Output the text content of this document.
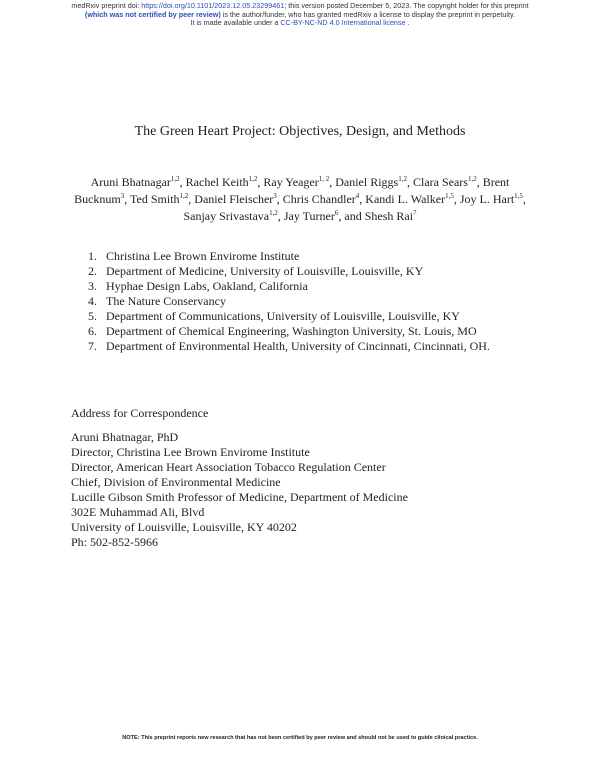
medRxiv preprint doi: https://doi.org/10.1101/2023.12.05.23299461; this version posted December 5, 2023. The copyright holder for this preprint
(which was not certified by peer review) is the author/funder, who has granted medRxiv a license to display the preprint in perpetuity.
It is made available under a CC-BY-NC-ND 4.0 International license .
The Green Heart Project: Objectives, Design, and Methods
Aruni Bhatnagar$^{1,2}$, Rachel Keith$^{1,2}$, Ray Yeager$^{1, 2}$, Daniel Riggs$^{1,2}$, Clara Sears$^{1,2}$, Brent Bucknum$^3$, Ted Smith$^{1,2}$, Daniel Fleischer$^3$, Chris Chandler$^4$, Kandi L. Walker$^{1,5}$, Joy L. Hart$^{1,5}$, Sanjay Srivastava$^{1,2}$, Jay Turner$^6$, and Shesh Rai$^7$
1. Christina Lee Brown Envirome Institute
2. Department of Medicine, University of Louisville, Louisville, KY
3. Hyphae Design Labs, Oakland, California
4. The Nature Conservancy
5. Department of Communications, University of Louisville, Louisville, KY
6. Department of Chemical Engineering, Washington University, St. Louis, MO
7. Department of Environmental Health, University of Cincinnati, Cincinnati, OH.
Address for Correspondence
Aruni Bhatnagar, PhD
Director, Christina Lee Brown Envirome Institute
Director, American Heart Association Tobacco Regulation Center
Chief, Division of Environmental Medicine
Lucille Gibson Smith Professor of Medicine, Department of Medicine
302E Muhammad Ali, Blvd
University of Louisville, Louisville, KY 40202
Ph: 502-852-5966
NOTE: This preprint reports new research that has not been certified by peer review and should not be used to guide clinical practice.
